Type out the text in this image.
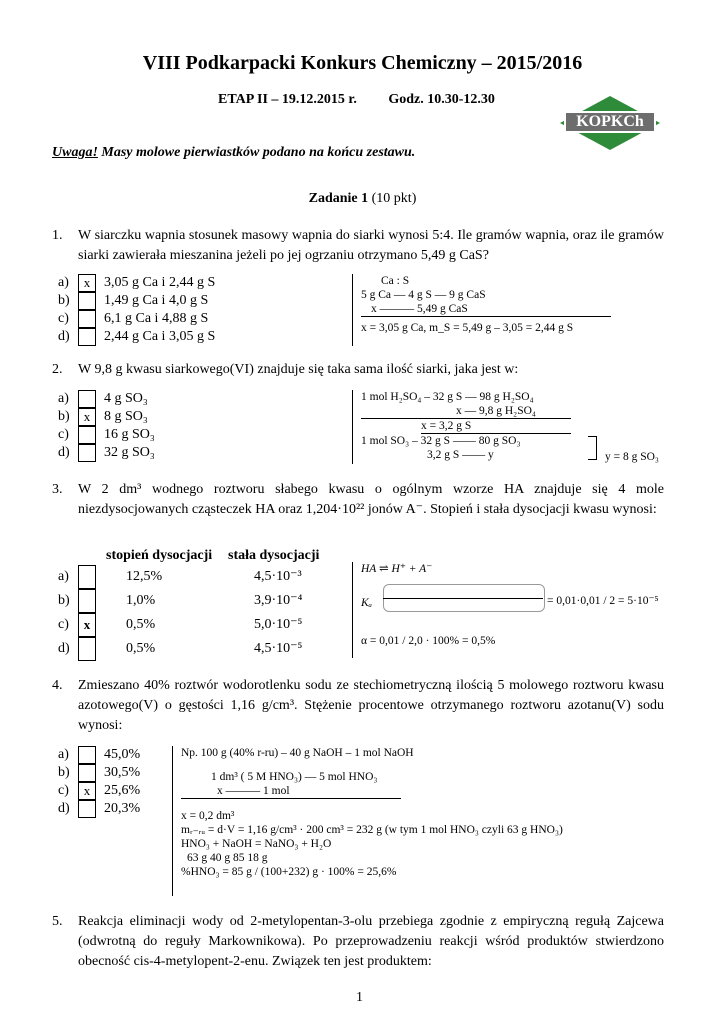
VIII Podkarpacki Konkurs Chemiczny – 2015/2016
ETAP II – 19.12.2015 r. Godz. 10.30-12.30
KOPKCh
Uwaga! Masy molowe pierwiastków podano na końcu zestawu.
Zadanie 1 (10 pkt)
1. W siarczku wapnia stosunek masowy wapnia do siarki wynosi 5:4. Ile gramów wapnia, oraz ile gramów siarki zawierała mieszanina jeżeli po jej ogrzaniu otrzymano 5,49 g CaS?
a) x 3,05 g Ca i 2,44 g S
b) 1,49 g Ca i 4,0 g S
c)	6,1 g Ca i 4,88 g S
d) 2,44 g Ca i 3,05 g S
Ca : S
5 g Ca — 4 g S — 9 g CaS
x ——— 5,49 g CaS
x = 3,05 g Ca, m_S = 5,49 g – 3,05 = 2,44 g S
2. W 9,8 g kwasu siarkowego(VI) znajduje się taka sama ilość siarki, jaka jest w:
a)	4 g SO₃
b) x 8 g SO₃
c)	16 g SO₃
d) 32 g SO₃
1 mol H₂SO₄ – 32 g S — 98 g H₂SO₄
x — 9,8 g H₂SO₄
x = 3,2 g S
1 mol SO₃ – 32 g S —— 80 g SO₃
3,2 g S —— y	y = 8 g SO₃
3. W 2 dm³ wodnego roztworu słabego kwasu o ogólnym wzorze HA znajduje się 4 mole niezdysocjowanych cząsteczek HA oraz 1,204·10²² jonów A⁻. Stopień i stała dysocjacji kwasu wynosi:
stopień dysocjacji stała dysocjacji
a)	12,5%	4,5·10⁻³
b)	1,0%	3,9·10⁻⁴
c) x	0,5%	5,0·10⁻⁵
d)	0,5%	4,5·10⁻⁵
HA ⇌ H⁺ + A⁻
Kₐ	= 0,01·0,01 / 2 = 5·10⁻⁵
α = 0,01 / 2,0 · 100% = 0,5%
4. Zmieszano 40% roztwór wodorotlenku sodu ze stechiometryczną ilością 5 molowego roztworu kwasu azotowego(V) o gęstości 1,16 g/cm³. Stężenie procentowe otrzymanego roztworu azotanu(V) sodu wynosi:
a)	45,0%
b) 30,5%
c) x 25,6%
d) 20,3%
Np. 100 g (40% r-ru) – 40 g NaOH – 1 mol NaOH
1 dm³ ( 5 M HNO₃) — 5 mol HNO₃
x ——— 1 mol
x = 0,2 dm³
mᵣ₋ᵣᵤ = d·V = 1,16 g/cm³ · 200 cm³ = 232 g (w tym 1 mol HNO₃ czyli 63 g HNO₃)
HNO₃ + NaOH = NaNO₃ + H₂O
63 g 40 g 85 18 g
%HNO₃ = 85 g / (100+232) g · 100% = 25,6%
5. Reakcja eliminacji wody od 2-metylopentan-3-olu przebiega zgodnie z empiryczną regułą Zajcewa (odwrotną do reguły Markownikowa). Po przeprowadzeniu reakcji wśród produktów stwierdzono obecność cis-4-metylopent-2-enu. Związek ten jest produktem:
1
